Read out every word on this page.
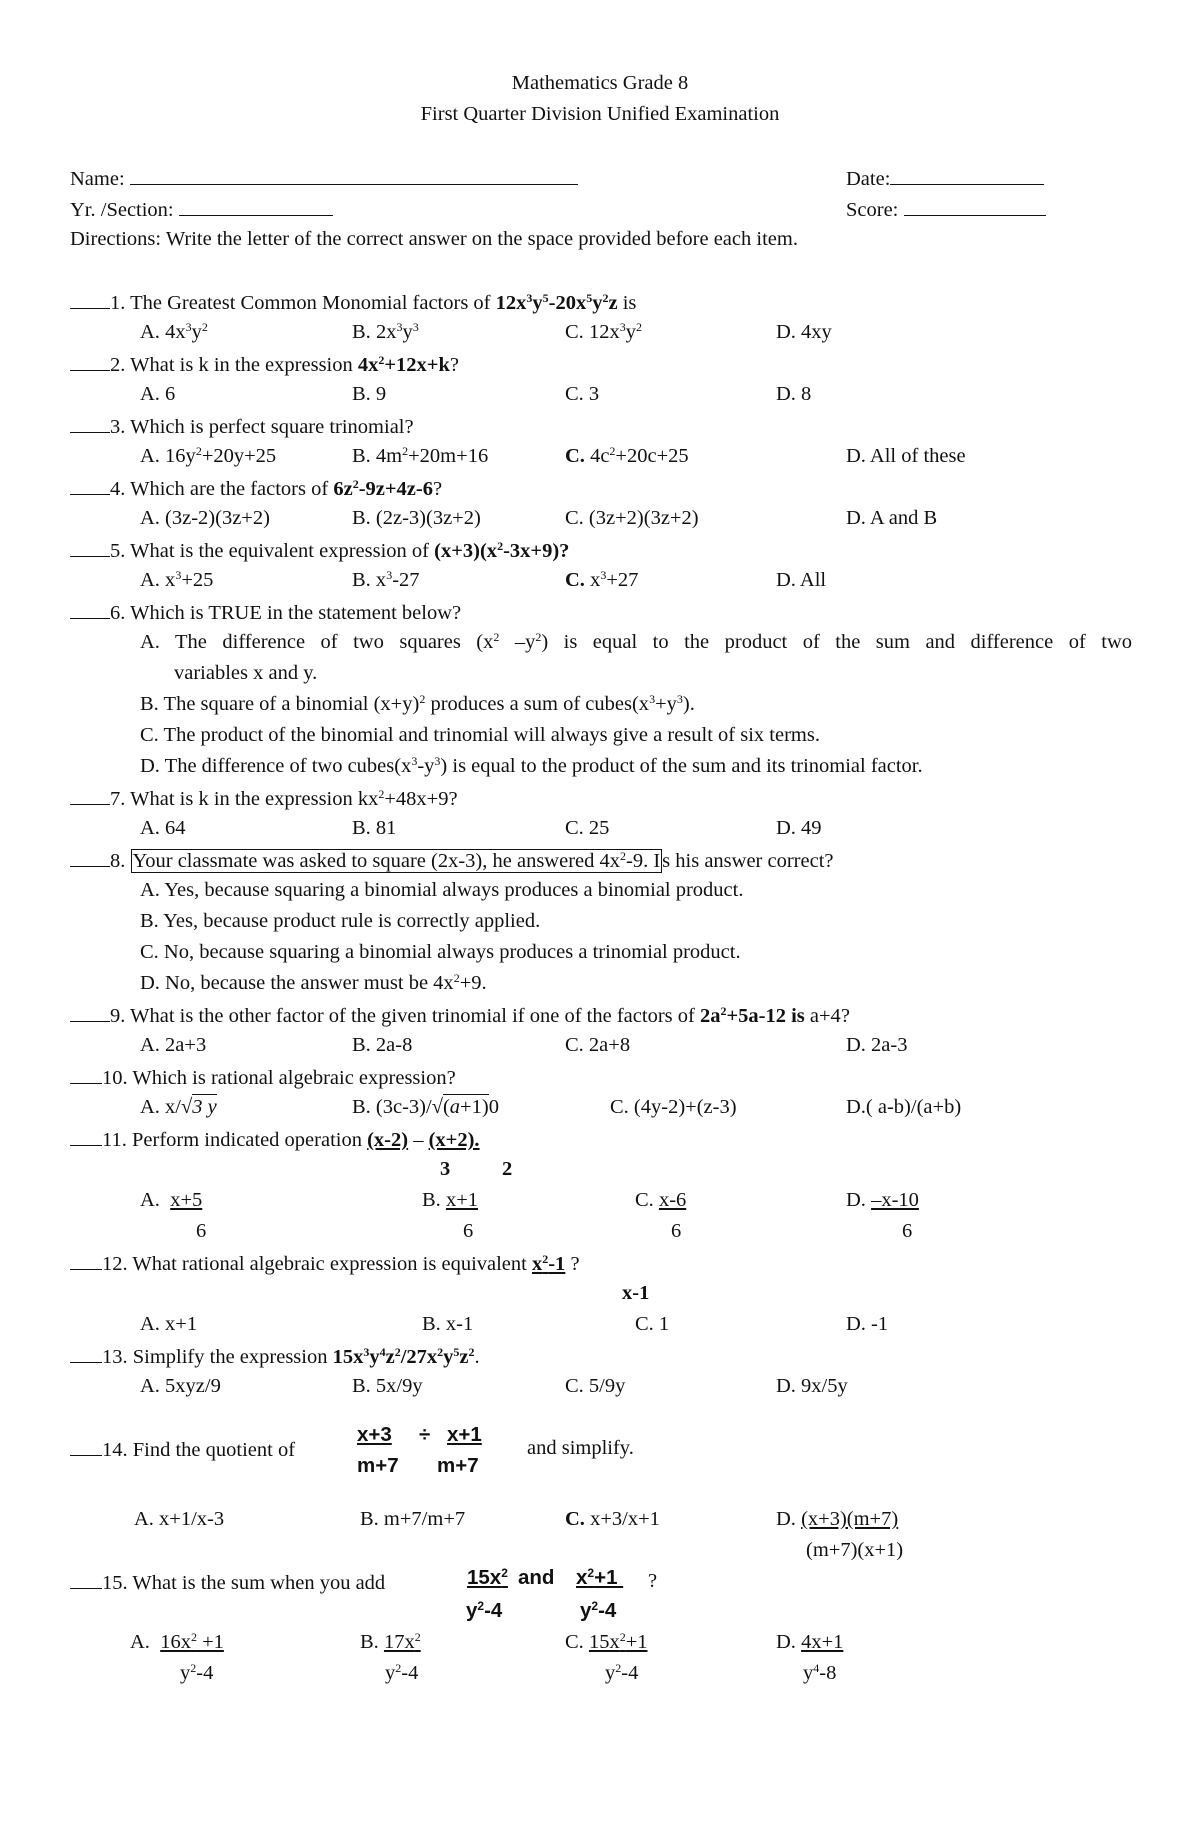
Mathematics Grade 8
First Quarter Division Unified Examination
Name:	Date:
Yr. /Section:	Score:
Directions: Write the letter of the correct answer on the space provided before each item.
1. The Greatest Common Monomial factors of $12x^3y^5-20x^5y^2z$ is
A. $4x^3y^2$	B. $2x^3y^3$	C. $12x^3y^2$	D. 4xy
2. What is k in the expression $4x^2+12x+k$?
A. 6	B. 9	C. 3	D. 8
3. Which is perfect square trinomial?
A. $16y^2+20y+25$	B. $4m^2+20m+16$	C. $4c^2+20c+25$	D. All of these
4. Which are the factors of $6z^2-9z+4z-6$?
A. (3z-2)(3z+2)	B. (2z-3)(3z+2)	C. (3z+2)(3z+2)	D. A and B
5. What is the equivalent expression of $(x+3)(x^2-3x+9)$?
A. $x^3+25$	B. $x^3-27$	C. $x^3+27$	D. All
6. Which is TRUE in the statement below?
A. The difference of two squares ($x^2$ $-y^2$) is equal to the product of the sum and difference of two
variables x and y.
B. The square of a binomial $(x+y)^2$ produces a sum of $cubes(x^3+y^3)$.
C. The product of the binomial and trinomial will always give a result of six terms.
D. The difference of two $cubes(x^3-y^3)$ is equal to the product of the sum and its trinomial factor.
7. What is k in the expression $kx^2+48x+9$?
A. 64	B. 81	C. 25	D. 49
8. Your classmate was asked to square (2x-3), he answered $4x^2-9$. Is his answer correct?
A. Yes, because squaring a binomial always produces a binomial product.
B. Yes, because product rule is correctly applied.
C. No, because squaring a binomial always produces a trinomial product.
D. No, because the answer must be $4x^2+9$.
9. What is the other factor of the given trinomial if one of the factors of $2a^2+5a-12$ is a+4?
A. 2a+3	B. 2a-8	C. 2a+8	D. 2a-3
10. Which is rational algebraic expression?
A. x/√3 y	B. (3c-3)/√(a+1)0	C. (4y-2)+(z-3)	D.( a-b)/(a+b)
11. Perform indicated operation (x-2) – (x+2).
3	2
A.  x+5	B. x+1	C. x-6	D. –x-10
6	6	6	6
12. What rational algebraic expression is equivalent $x^2-1$ ?
x-1
A. x+1	B. x-1	C. 1	D. -1
13. Simplify the expression $15x^3y^4z^2/27x^2y^5z^2$.
A. 5xyz/9	B. 5x/9y	C. 5/9y	D. 9x/5y
14. Find the quotient of
x+3 ÷ x+1
m+7 m+7
and simplify.
A. x+1/x-3	B. m+7/m+7	C. x+3/x+1	D. (x+3)(m+7)
(m+7)(x+1)
15. What is the sum when you add	$15x^2$ and $x^2+1$ ?
$y^2-4$	$y^2-4$
A.  $16x^2 +1$	B. $17x^2$	C. $15x^2+1$	D. 4x+1
$y^2-4$	$y^2-4$	$y^2-4$	$y^4-8$
